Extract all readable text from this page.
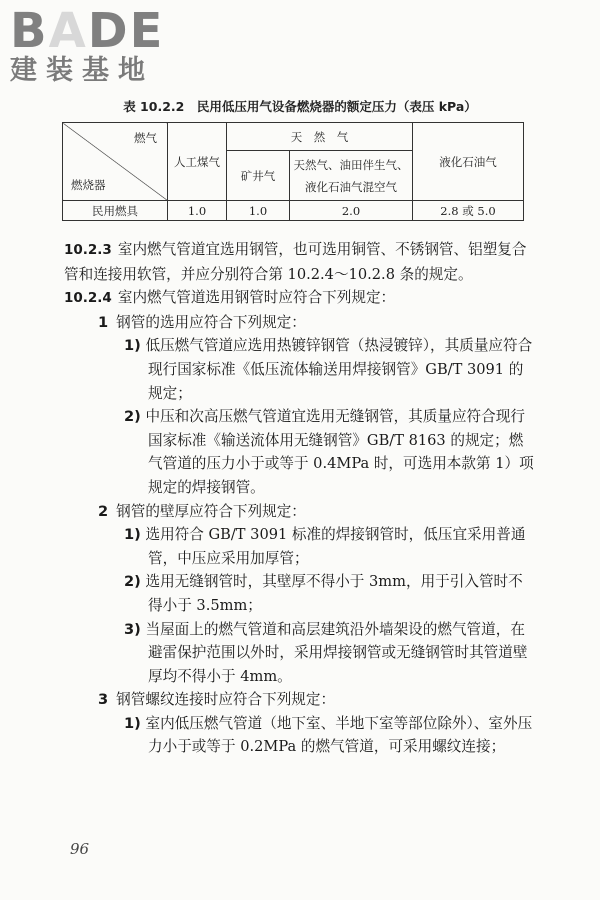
BADE
建装基地
表 10.2.2　民用低压用气设备燃烧器的额定压力（表压 kPa）
燃气
燃烧器	人工煤气	天　然　气		液化石油气
		矿井气	天然气、油田伴生气、
液化石油气混空气	

民用燃具	1.0	1.0	2.0	2.8 或 5.0

10.2.3 室内燃气管道宜选用钢管，也可选用铜管、不锈钢管、铝塑复合管和连接用软管，并应分别符合第 10.2.4～10.2.8 条的规定。

10.2.4 室内燃气管道选用钢管时应符合下列规定：

1 钢管的选用应符合下列规定：

1) 低压燃气管道应选用热镀锌钢管（热浸镀锌），其质量应符合现行国家标准《低压流体输送用焊接钢管》GB/T 3091 的规定；

2) 中压和次高压燃气管道宜选用无缝钢管，其质量应符合现行国家标准《输送流体用无缝钢管》GB/T 8163 的规定；燃气管道的压力小于或等于 0.4MPa 时，可选用本款第 1）项规定的焊接钢管。

2 钢管的壁厚应符合下列规定：

1) 选用符合 GB/T 3091 标准的焊接钢管时，低压宜采用普通管，中压应采用加厚管；

2) 选用无缝钢管时，其壁厚不得小于 3mm，用于引入管时不得小于 3.5mm；

3) 当屋面上的燃气管道和高层建筑沿外墙架设的燃气管道，在避雷保护范围以外时，采用焊接钢管或无缝钢管时其管道壁厚均不得小于 4mm。

3 钢管螺纹连接时应符合下列规定：

1) 室内低压燃气管道（地下室、半地下室等部位除外）、室外压力小于或等于 0.2MPa 的燃气管道，可采用螺纹连接；

96
